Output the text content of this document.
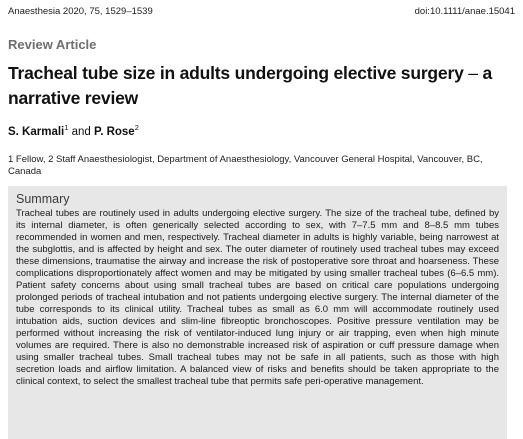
Anaesthesia 2020, 75, 1529–1539	doi:10.1111/anae.15041
Review Article
Tracheal tube size in adults undergoing elective surgery – a narrative review
S. Karmali$^1$ and P. Rose$^2$
1 Fellow, 2 Staff Anaesthesiologist, Department of Anaesthesiology, Vancouver General Hospital, Vancouver, BC, Canada
Summary

Tracheal tubes are routinely used in adults undergoing elective surgery. The size of the tracheal tube, defined by its internal diameter, is often generically selected according to sex, with 7–7.5 mm and 8–8.5 mm tubes recommended in women and men, respectively. Tracheal diameter in adults is highly variable, being narrowest at the subglottis, and is affected by height and sex. The outer diameter of routinely used tracheal tubes may exceed these dimensions, traumatise the airway and increase the risk of postoperative sore throat and hoarseness. These complications disproportionately affect women and may be mitigated by using smaller tracheal tubes (6–6.5 mm). Patient safety concerns about using small tracheal tubes are based on critical care populations undergoing prolonged periods of tracheal intubation and not patients undergoing elective surgery. The internal diameter of the tube corresponds to its clinical utility. Tracheal tubes as small as 6.0 mm will accommodate routinely used intubation aids, suction devices and slim-line fibreoptic bronchoscopes. Positive pressure ventilation may be performed without increasing the risk of ventilator-induced lung injury or air trapping, even when high minute volumes are required. There is also no demonstrable increased risk of aspiration or cuff pressure damage when using smaller tracheal tubes. Small tracheal tubes may not be safe in all patients, such as those with high secretion loads and airflow limitation. A balanced view of risks and benefits should be taken appropriate to the clinical context, to select the smallest tracheal tube that permits safe peri-operative management.
